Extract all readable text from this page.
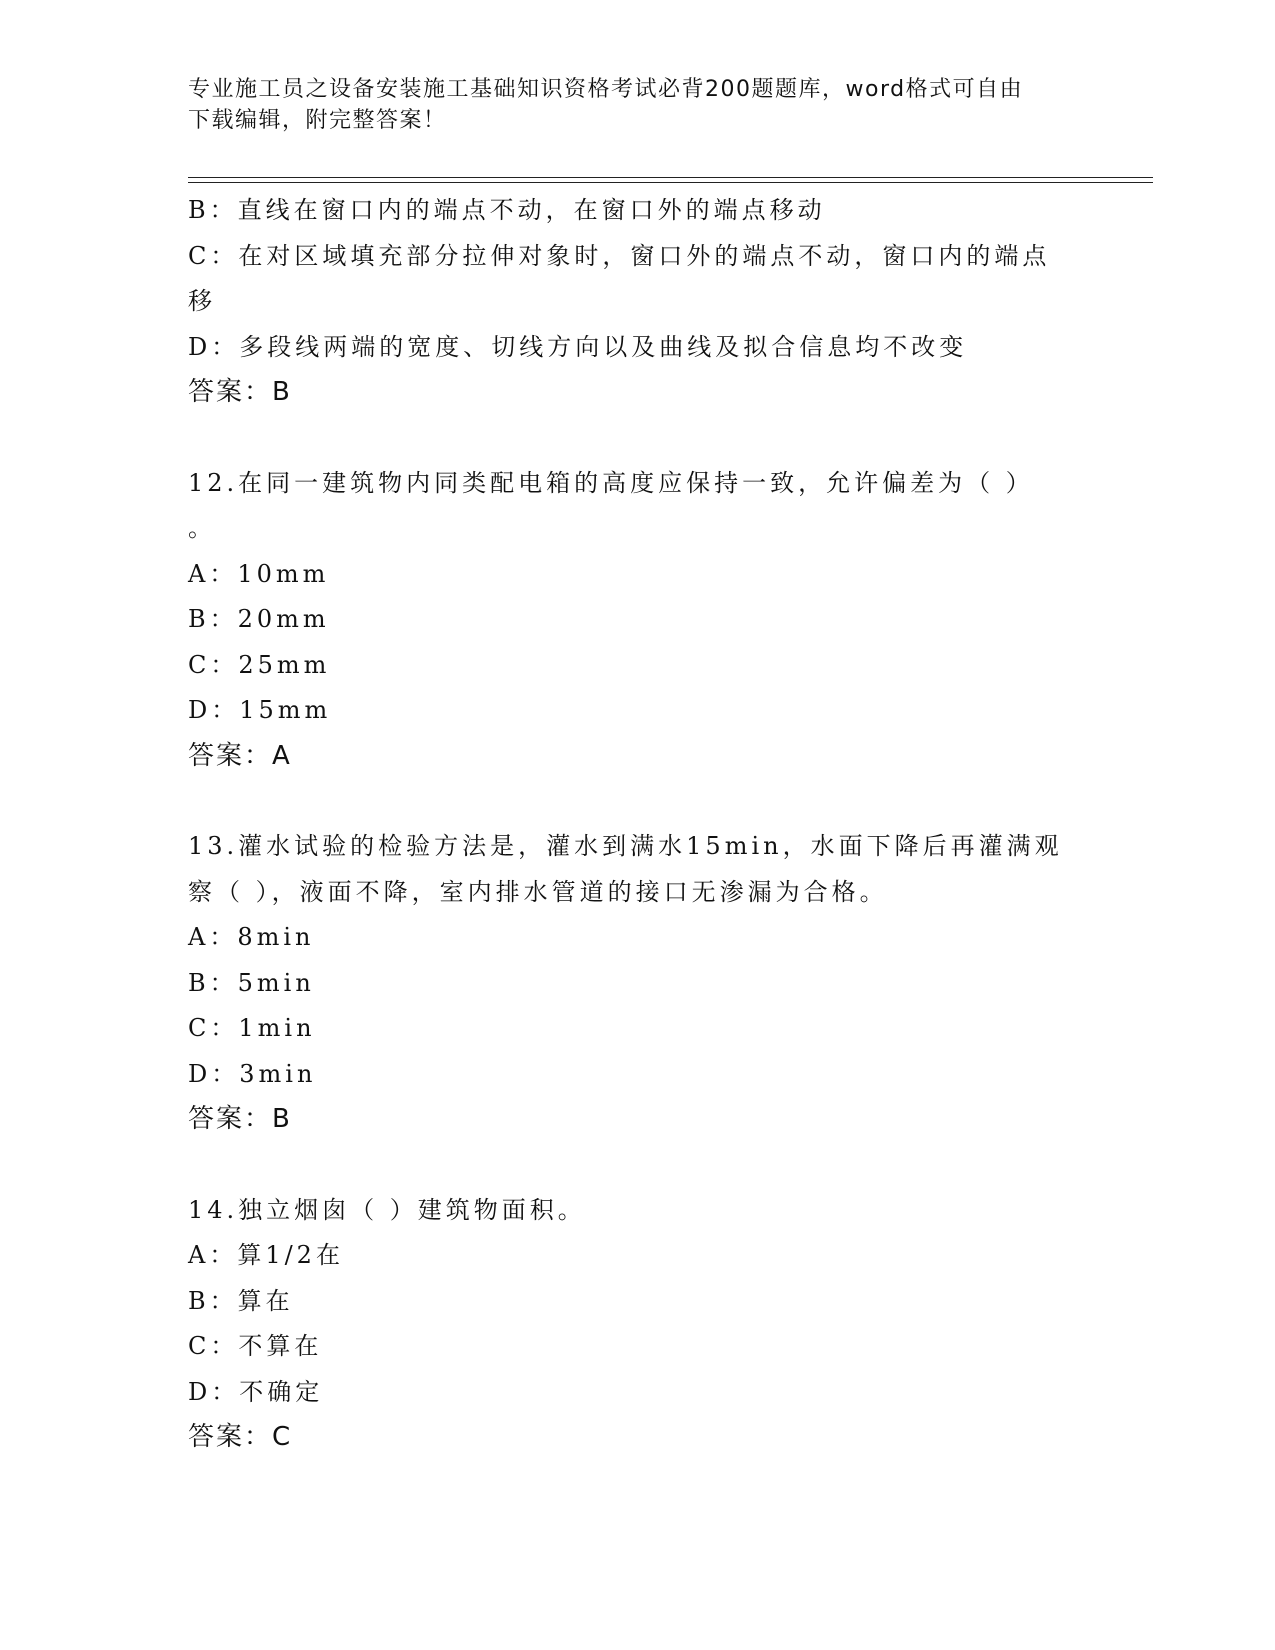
专业施工员之设备安装施工基础知识资格考试必背200题题库，word格式可自由
下载编辑，附完整答案！
B：直线在窗口内的端点不动，在窗口外的端点移动
C：在对区域填充部分拉伸对象时，窗口外的端点不动，窗口内的端点
移
D：多段线两端的宽度、切线方向以及曲线及拟合信息均不改变
答案：B
12.在同一建筑物内同类配电箱的高度应保持一致，允许偏差为（ ）
。
A：10mm
B：20mm
C：25mm
D：15mm
答案：A
13.灌水试验的检验方法是，灌水到满水15min，水面下降后再灌满观
察（ ），液面不降，室内排水管道的接口无渗漏为合格。
A：8min
B：5min
C：1min
D：3min
答案：B
14.独立烟囱（ ）建筑物面积。
A：算1/2在
B：算在
C：不算在
D：不确定
答案：C
